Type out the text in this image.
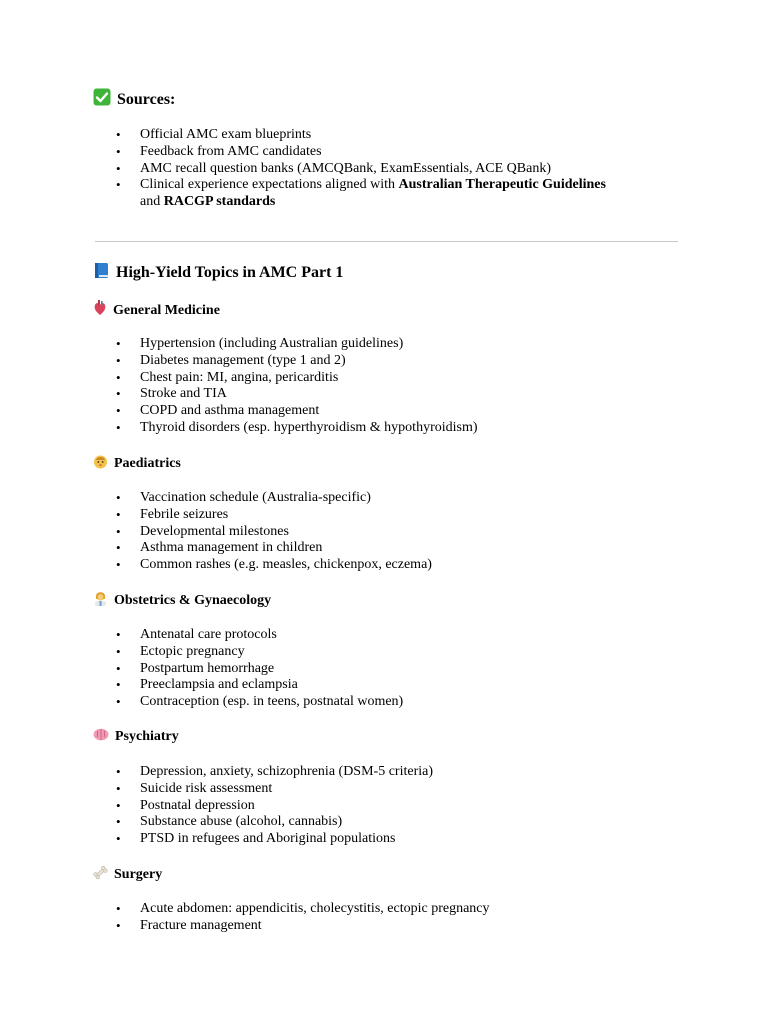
Sources:
• Official AMC exam blueprints
• Feedback from AMC candidates
• AMC recall question banks (AMCQBank, ExamEssentials, ACE QBank)
• Clinical experience expectations aligned with Australian Therapeutic Guidelines
and RACGP standards
High-Yield Topics in AMC Part 1
General Medicine
• Hypertension (including Australian guidelines)
• Diabetes management (type 1 and 2)
• Chest pain: MI, angina, pericarditis
• Stroke and TIA
• COPD and asthma management
• Thyroid disorders (esp. hyperthyroidism & hypothyroidism)
Paediatrics
• Vaccination schedule (Australia-specific)
• Febrile seizures
• Developmental milestones
• Asthma management in children
• Common rashes (e.g. measles, chickenpox, eczema)
Obstetrics & Gynaecology
• Antenatal care protocols
• Ectopic pregnancy
• Postpartum hemorrhage
• Preeclampsia and eclampsia
• Contraception (esp. in teens, postnatal women)
Psychiatry
• Depression, anxiety, schizophrenia (DSM-5 criteria)
• Suicide risk assessment
• Postnatal depression
• Substance abuse (alcohol, cannabis)
• PTSD in refugees and Aboriginal populations
Surgery
• Acute abdomen: appendicitis, cholecystitis, ectopic pregnancy
• Fracture management
